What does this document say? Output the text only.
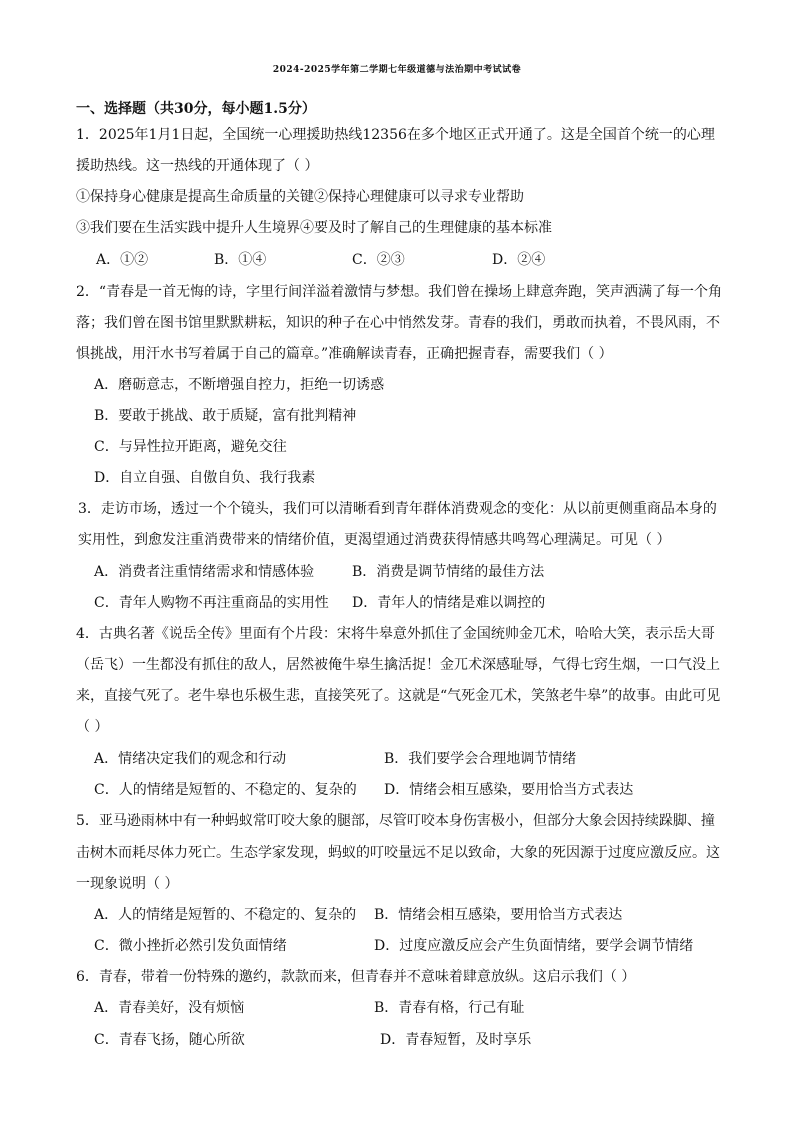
2024-2025学年第二学期七年级道德与法治期中考试试卷
一、选择题（共30分，每小题1.5分）
1．2025年1月1日起，全国统一心理援助热线12356在多个地区正式开通了。这是全国首个统一的心理
援助热线。这一热线的开通体现了（ ）
①保持身心健康是提高生命质量的关键②保持心理健康可以寻求专业帮助
③我们要在生活实践中提升人生境界④要及时了解自己的生理健康的基本标准
A．①②	B．①④	C．②③	D．②④
2．“青春是一首无悔的诗，字里行间洋溢着激情与梦想。我们曾在操场上肆意奔跑，笑声洒满了每一个角
落；我们曾在图书馆里默默耕耘，知识的种子在心中悄然发芽。青春的我们，勇敢而执着，不畏风雨，不
惧挑战，用汗水书写着属于自己的篇章。”准确解读青春，正确把握青春，需要我们（ ）
A．磨砺意志，不断增强自控力，拒绝一切诱惑
B．要敢于挑战、敢于质疑，富有批判精神
C．与异性拉开距离，避免交往
D．自立自强、自傲自负、我行我素
3．走访市场，透过一个个镜头，我们可以清晰看到青年群体消费观念的变化：从以前更侧重商品本身的
实用性，到愈发注重消费带来的情绪价值，更渴望通过消费获得情感共鸣驾心理满足。可见（ ）
A．消费者注重情绪需求和情感体验	B．消费是调节情绪的最佳方法
C．青年人购物不再注重商品的实用性 D．青年人的情绪是难以调控的
4．古典名著《说岳全传》里面有个片段：宋将牛皋意外抓住了金国统帅金兀术，哈哈大笑，表示岳大哥
（岳飞）一生都没有抓住的敌人，居然被俺牛皋生擒活捉！金兀术深感耻辱，气得七窍生烟，一口气没上
来，直接气死了。老牛皋也乐极生悲，直接笑死了。这就是“气死金兀术，笑煞老牛皋”的故事。由此可见
（ ）
A．情绪决定我们的观念和行动	B．我们要学会合理地调节情绪
C．人的情绪是短暂的、不稳定的、复杂的 D．情绪会相互感染，要用恰当方式表达
5．亚马逊雨林中有一种蚂蚁常叮咬大象的腿部，尽管叮咬本身伤害极小，但部分大象会因持续跺脚、撞
击树木而耗尽体力死亡。生态学家发现，蚂蚁的叮咬量远不足以致命，大象的死因源于过度应激反应。这
一现象说明（ ）
A．人的情绪是短暂的、不稳定的、复杂的 B．情绪会相互感染，要用恰当方式表达
C．微小挫折必然引发负面情绪	D．过度应激反应会产生负面情绪，要学会调节情绪
6．青春，带着一份特殊的邀约，款款而来，但青春并不意味着肆意放纵。这启示我们（ ）
A．青春美好，没有烦恼	B．青春有格，行己有耻
C．青春飞扬，随心所欲	D．青春短暂，及时享乐
